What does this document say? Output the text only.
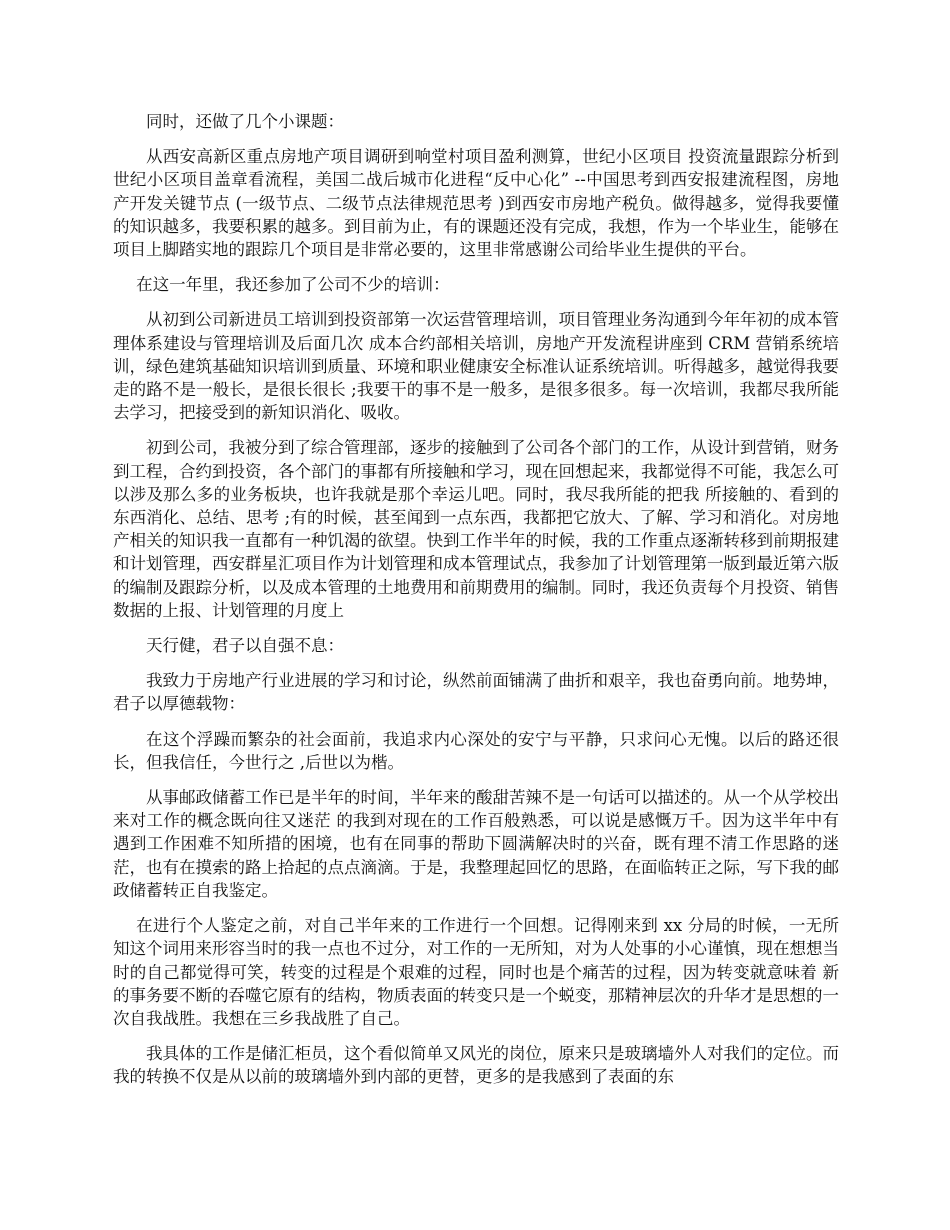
同时，还做了几个小课题：

从西安高新区重点房地产项目调研到响堂村项目盈利测算，世纪小区项目 投资流量跟踪分析到世纪小区项目盖章看流程，美国二战后城市化进程“反中心化” --中国思考到西安报建流程图，房地产开发关键节点 (一级节点、二级节点法律规范思考 )到西安市房地产税负。做得越多，觉得我要懂的知识越多，我要积累的越多。到目前为止，有的课题还没有完成，我想，作为一个毕业生，能够在项目上脚踏实地的跟踪几个项目是非常必要的，这里非常感谢公司给毕业生提供的平台。

在这一年里，我还参加了公司不少的培训：

从初到公司新进员工培训到投资部第一次运营管理培训，项目管理业务沟通到今年年初的成本管理体系建设与管理培训及后面几次 成本合约部相关培训，房地产开发流程讲座到 CRM 营销系统培训，绿色建筑基础知识培训到质量、环境和职业健康安全标准认证系统培训。听得越多，越觉得我要走的路不是一般长，是很长很长 ;我要干的事不是一般多，是很多很多。每一次培训，我都尽我所能去学习，把接受到的新知识消化、吸收。

初到公司，我被分到了综合管理部，逐步的接触到了公司各个部门的工作，从设计到营销，财务到工程，合约到投资，各个部门的事都有所接触和学习，现在回想起来，我都觉得不可能，我怎么可以涉及那么多的业务板块，也许我就是那个幸运儿吧。同时，我尽我所能的把我 所接触的、看到的东西消化、总结、思考 ;有的时候，甚至闻到一点东西，我都把它放大、了解、学习和消化。对房地产相关的知识我一直都有一种饥渴的欲望。快到工作半年的时候，我的工作重点逐渐转移到前期报建和计划管理，西安群星汇项目作为计划管理和成本管理试点，我参加了计划管理第一版到最近第六版的编制及跟踪分析，以及成本管理的土地费用和前期费用的编制。同时，我还负责每个月投资、销售数据的上报、计划管理的月度上

天行健，君子以自强不息：

我致力于房地产行业进展的学习和讨论，纵然前面铺满了曲折和艰辛，我也奋勇向前。地势坤，君子以厚德载物：

在这个浮躁而繁杂的社会面前，我追求内心深处的安宁与平静，只求问心无愧。以后的路还很长，但我信任，今世行之 ,后世以为楷。

从事邮政储蓄工作已是半年的时间，半年来的酸甜苦辣不是一句话可以描述的。从一个从学校出来对工作的概念既向往又迷茫 的我到对现在的工作百般熟悉，可以说是感慨万千。因为这半年中有遇到工作困难不知所措的困境，也有在同事的帮助下圆满解决时的兴奋，既有理不清工作思路的迷茫，也有在摸索的路上拾起的点点滴滴。于是，我整理起回忆的思路，在面临转正之际，写下我的邮政储蓄转正自我鉴定。

在进行个人鉴定之前，对自己半年来的工作进行一个回想。记得刚来到 xx 分局的时候，一无所知这个词用来形容当时的我一点也不过分，对工作的一无所知，对为人处事的小心谨慎，现在想想当时的自己都觉得可笑，转变的过程是个艰难的过程，同时也是个痛苦的过程，因为转变就意味着 新的事务要不断的吞噬它原有的结构，物质表面的转变只是一个蜕变，那精神层次的升华才是思想的一次自我战胜。我想在三乡我战胜了自己。

我具体的工作是储汇柜员，这个看似简单又风光的岗位，原来只是玻璃墙外人对我们的定位。而我的转换不仅是从以前的玻璃墙外到内部的更替，更多的是我感到了表面的东
